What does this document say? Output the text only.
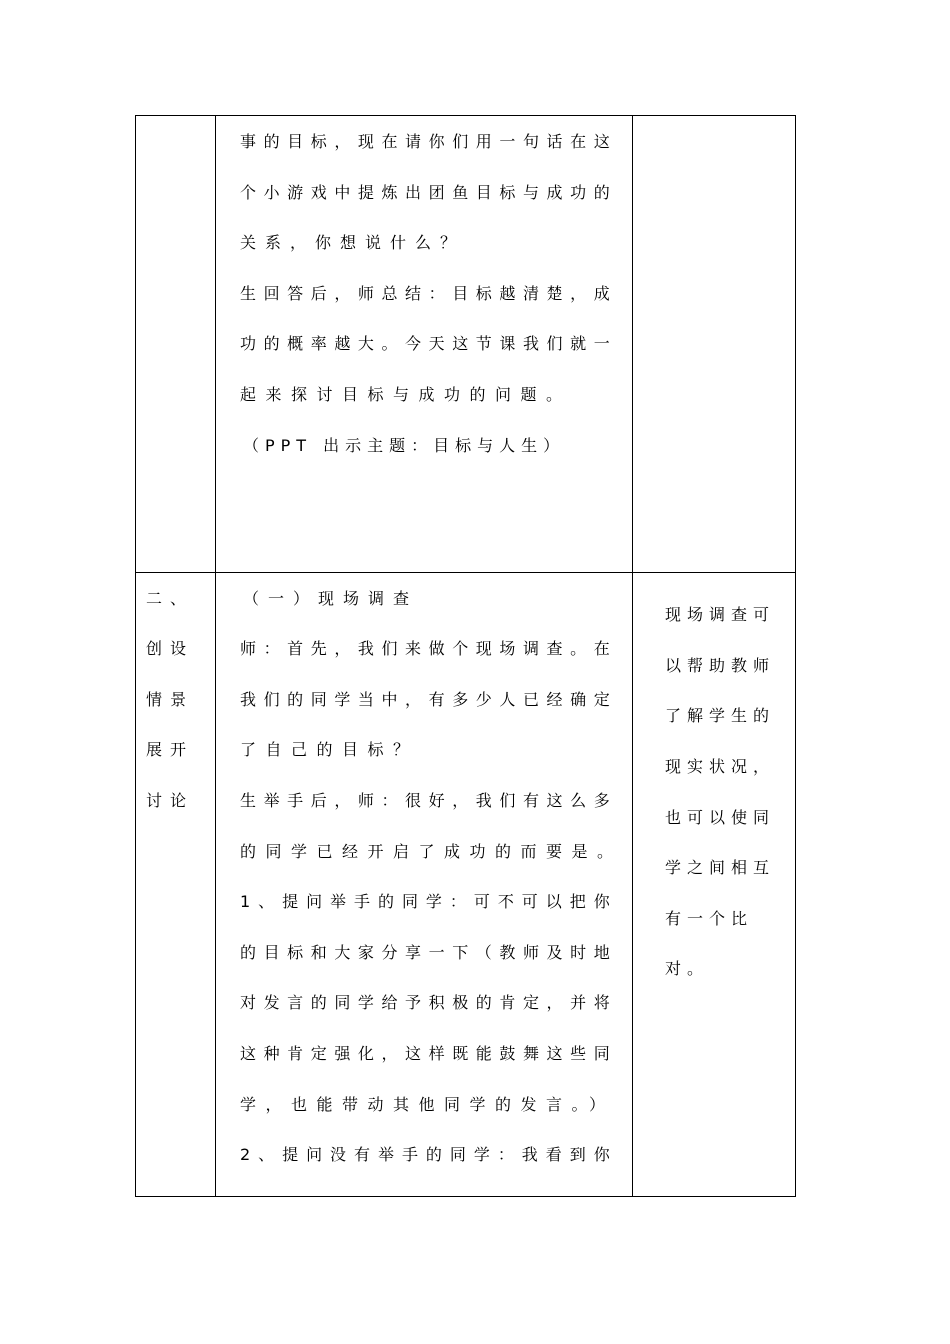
事的目标，现在请你们用一句话在这
个小游戏中提炼出团鱼目标与成功的
关系，你想说什么？
生回答后，师总结：目标越清楚，成
功的概率越大。今天这节课我们就一
起来探讨目标与成功的问题。
（PPT 出示主题：目标与人生）
二、
创设
情景
展开
讨论
（一）现场调查
师：首先，我们来做个现场调查。在
我们的同学当中，有多少人已经确定
了自己的目标？
生举手后，师：很好，我们有这么多
的同学已经开启了成功的而要是。
1、提问举手的同学：可不可以把你
的目标和大家分享一下（教师及时地
对发言的同学给予积极的肯定，并将
这种肯定强化，这样既能鼓舞这些同
学，也能带动其他同学的发言。）
2、提问没有举手的同学：我看到你
现场调查可
以帮助教师
了解学生的
现实状况，
也可以使同
学之间相互
有一个比
对。
